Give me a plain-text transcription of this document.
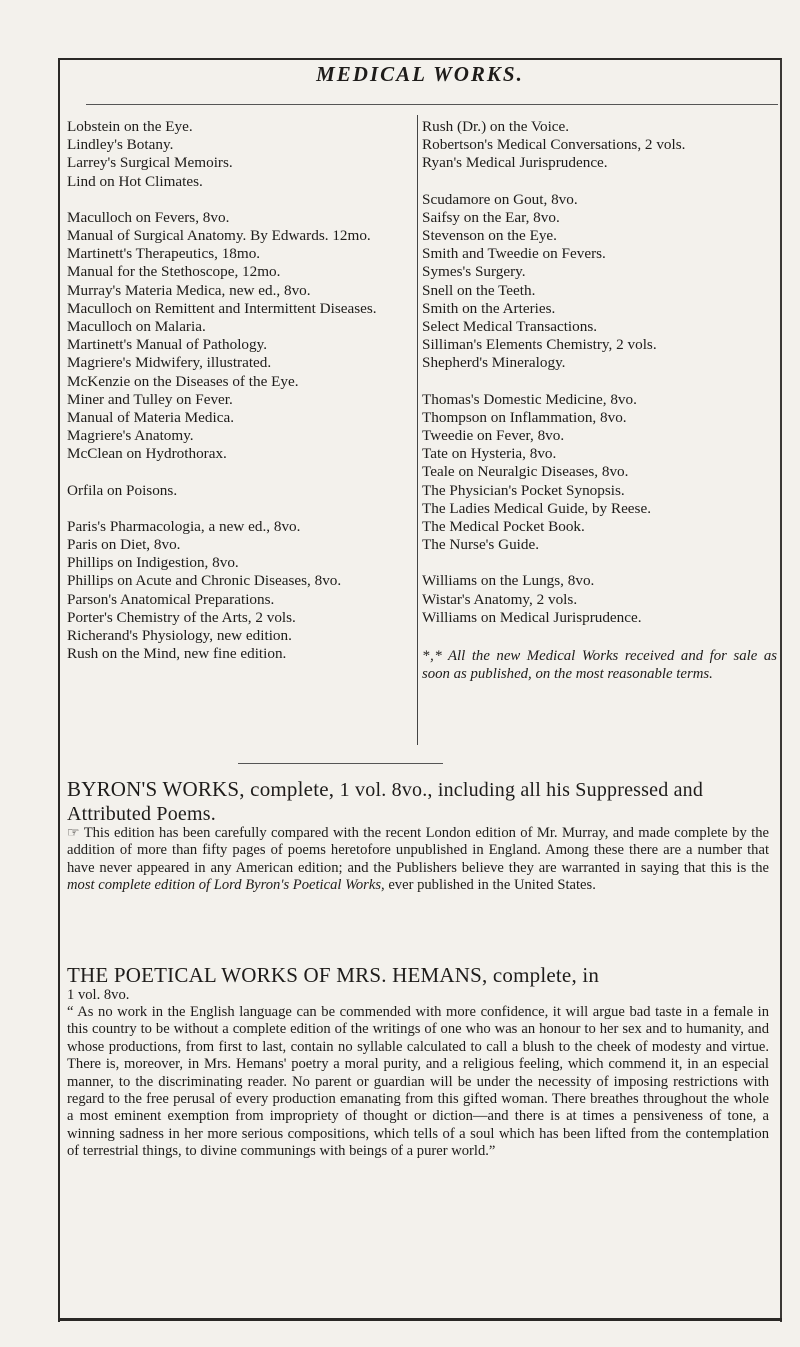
MEDICAL WORKS.
Lobstein on the Eye.
Lindley's Botany.
Larrey's Surgical Memoirs.
Lind on Hot Climates.
Maculloch on Fevers, 8vo.
Manual of Surgical Anatomy. By Edwards. 12mo.
Martinett's Therapeutics, 18mo.
Manual for the Stethoscope, 12mo.
Murray's Materia Medica, new ed., 8vo.
Maculloch on Remittent and Intermittent Diseases.
Maculloch on Malaria.
Martinett's Manual of Pathology.
Magriere's Midwifery, illustrated.
McKenzie on the Diseases of the Eye.
Miner and Tulley on Fever.
Manual of Materia Medica.
Magriere's Anatomy.
McClean on Hydrothorax.
Orfila on Poisons.
Paris's Pharmacologia, a new ed., 8vo.
Paris on Diet, 8vo.
Phillips on Indigestion, 8vo.
Phillips on Acute and Chronic Diseases, 8vo.
Parson's Anatomical Preparations.
Porter's Chemistry of the Arts, 2 vols.
Richerand's Physiology, new edition.
Rush on the Mind, new fine edition.
Rush (Dr.) on the Voice.
Robertson's Medical Conversations, 2 vols.
Ryan's Medical Jurisprudence.
Scudamore on Gout, 8vo.
Saifsy on the Ear, 8vo.
Stevenson on the Eye.
Smith and Tweedie on Fevers.
Symes's Surgery.
Snell on the Teeth.
Smith on the Arteries.
Select Medical Transactions.
Silliman's Elements Chemistry, 2 vols.
Shepherd's Mineralogy.
Thomas's Domestic Medicine, 8vo.
Thompson on Inflammation, 8vo.
Tweedie on Fever, 8vo.
Tate on Hysteria, 8vo.
Teale on Neuralgic Diseases, 8vo.
The Physician's Pocket Synopsis.
The Ladies Medical Guide, by Reese.
The Medical Pocket Book.
The Nurse's Guide.
Williams on the Lungs, 8vo.
Wistar's Anatomy, 2 vols.
Williams on Medical Jurisprudence.
*‚* All the new Medical Works received and for sale as soon as published, on the most reasonable terms.
BYRON'S WORKS, complete, 1 vol. 8vo., including all his Suppressed and Attributed Poems.
☞ This edition has been carefully compared with the recent London edition of Mr. Murray, and made complete by the addition of more than fifty pages of poems heretofore unpublished in England. Among these there are a number that have never appeared in any American edition; and the Publishers believe they are warranted in saying that this is the most complete edition of Lord Byron's Poetical Works, ever published in the United States.
THE POETICAL WORKS OF MRS. HEMANS, complete, in
1 vol. 8vo.
“ As no work in the English language can be commended with more confidence, it will argue bad taste in a female in this country to be without a complete edition of the writings of one who was an honour to her sex and to humanity, and whose productions, from first to last, contain no syllable calculated to call a blush to the cheek of modesty and virtue. There is, moreover, in Mrs. Hemans' poetry a moral purity, and a religious feeling, which commend it, in an especial manner, to the discriminating reader. No parent or guardian will be under the necessity of imposing restrictions with regard to the free perusal of every production emanating from this gifted woman. There breathes throughout the whole a most eminent exemption from impropriety of thought or diction—and there is at times a pensiveness of tone, a winning sadness in her more serious compositions, which tells of a soul which has been lifted from the contemplation of terrestrial things, to divine communings with beings of a purer world.”
